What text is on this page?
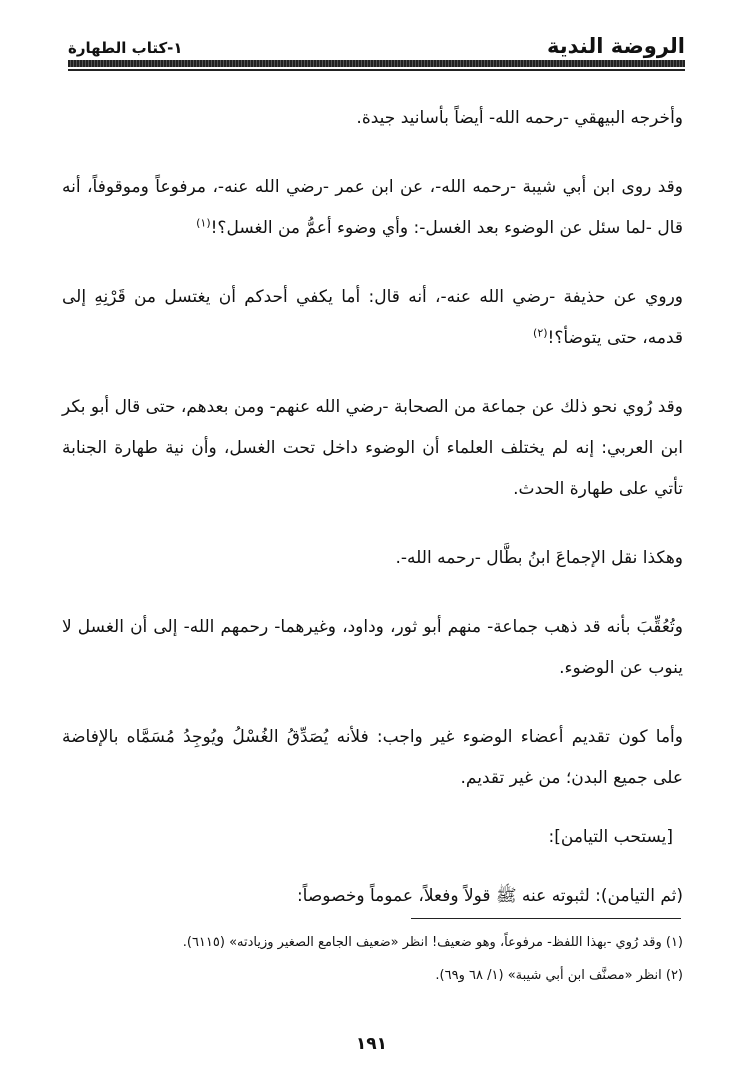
الروضة الندية
١-كتاب الطهارة

وأخرجه البيهقي -رحمه الله- أيضاً بأسانيد جيدة.

وقد روى ابن أبي شيبة -رحمه الله-، عن ابن عمر -رضي الله عنه-، مرفوعاً وموقوفاً، أنه قال -لما سئل عن الوضوء بعد الغسل-: وأي وضوء أعمُّ من الغسل؟!$^{(١)}$

وروي عن حذيفة -رضي الله عنه-، أنه قال: أما يكفي أحدكم أن يغتسل من قَرْنِهِ إلى قدمه، حتى يتوضأ؟!$^{(٢)}$

وقد رُوي نحو ذلك عن جماعة من الصحابة -رضي الله عنهم- ومن بعدهم، حتى قال أبو بكر ابن العربي: إنه لم يختلف العلماء أن الوضوء داخل تحت الغسل، وأن نية طهارة الجنابة تأتي على طهارة الحدث.

وهكذا نقل الإجماعَ ابنُ بطَّال -رحمه الله-.

وتُعُقِّبَ بأنه قد ذهب جماعة- منهم أبو ثور، وداود، وغيرهما- رحمهم الله- إلى أن الغسل لا ينوب عن الوضوء.

وأما كون تقديم أعضاء الوضوء غير واجب: فلأنه يُصَدِّقُ الغُسْلُ ويُوجِدُ مُسَمَّاه بالإفاضة على جميع البدن؛ من غير تقديم.

[يستحب التيامن]:

(ثم التيامن): لثبوته عنه ﷺ قولاً وفعلاً، عموماً وخصوصاً:

(١) وقد رُوي -بهذا اللفظ- مرفوعاً، وهو ضعيف! انظر «ضعيف الجامع الصغير وزيادته» (٦١١٥).

(٢) انظر «مصنَّف ابن أبي شيبة» (١/ ٦٨ و٦٩).

١٩١
